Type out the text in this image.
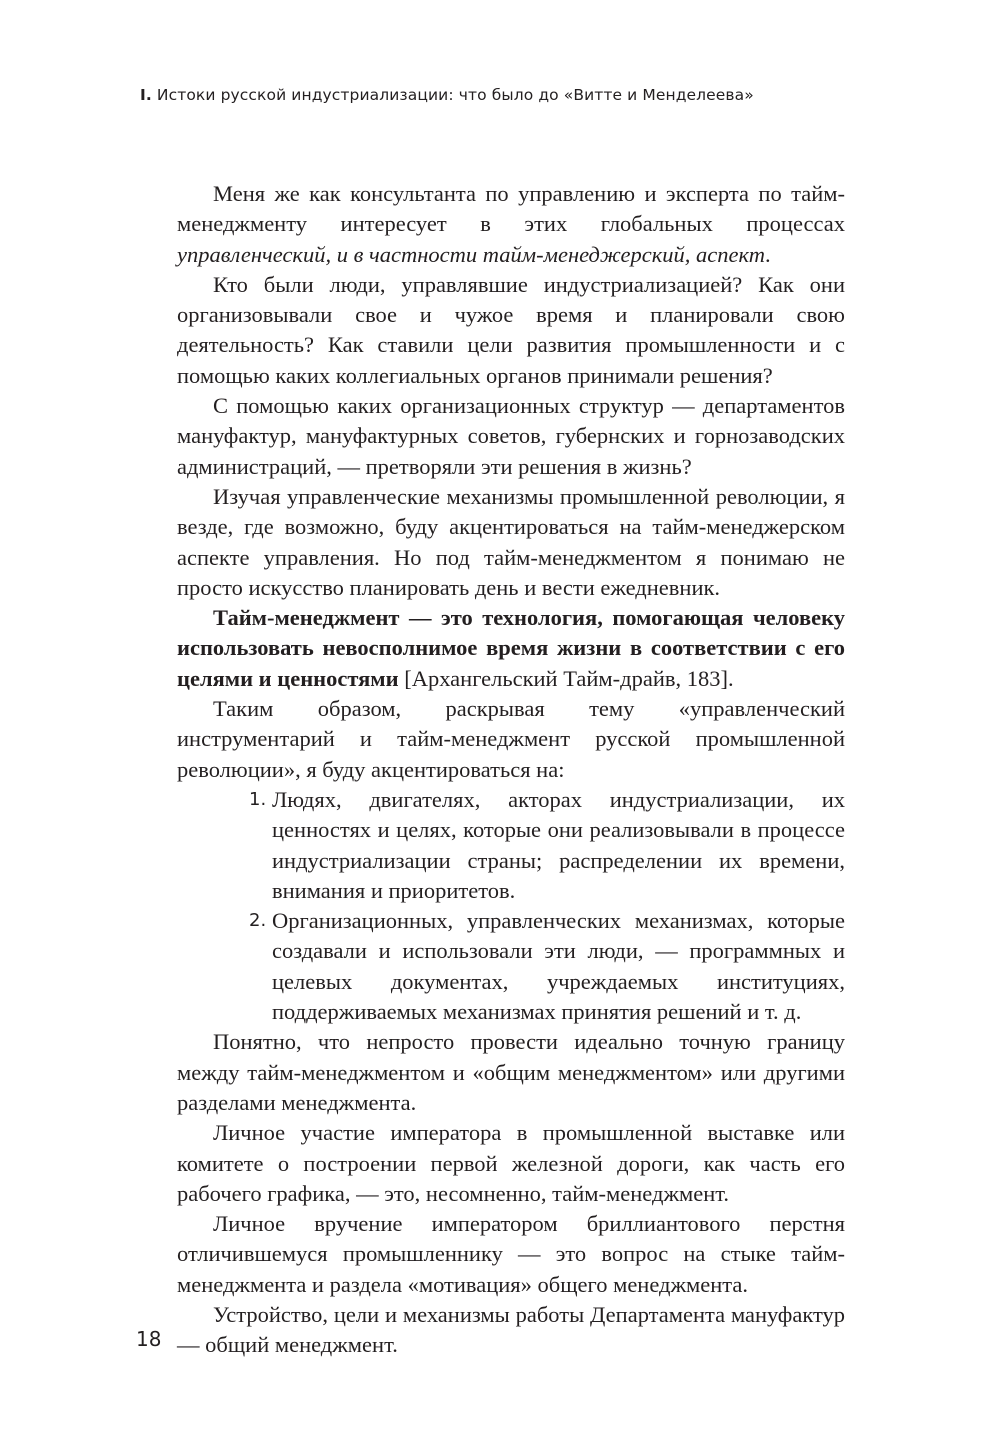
I. Истоки русской индустриализации: что было до «Витте и Менделеева»

Меня же как консультанта по управлению и эксперта по тайм-менеджменту интересует в этих глобальных процессах управленческий, и в частности тайм-менеджерский, аспект.

Кто были люди, управлявшие индустриализацией? Как они организовывали свое и чужое время и планировали свою деятельность? Как ставили цели развития промышленности и с помощью каких коллегиальных органов принимали решения?

С помощью каких организационных структур — департаментов мануфактур, мануфактурных советов, губернских и горнозаводских администраций, — претворяли эти решения в жизнь?

Изучая управленческие механизмы промышленной революции, я везде, где возможно, буду акцентироваться на тайм-менеджерском аспекте управления. Но под тайм-менеджментом я понимаю не просто искусство планировать день и вести ежедневник.

Тайм-менеджмент — это технология, помогающая человеку использовать невосполнимое время жизни в соответствии с его целями и ценностями [Архангельский Тайм-драйв, 183].

Таким образом, раскрывая тему «управленческий инструментарий и тайм-менеджмент русской промышленной революции», я буду акцентироваться на:

1. Людях, двигателях, акторах индустриализации, их ценностях и целях, которые они реализовывали в процессе индустриализации страны; распределении их времени, внимания и приоритетов.

2. Организационных, управленческих механизмах, которые создавали и использовали эти люди, — программных и целевых документах, учреждаемых институциях, поддерживаемых механизмах принятия решений и т. д.

Понятно, что непросто провести идеально точную границу между тайм-менеджментом и «общим менеджментом» или другими разделами менеджмента.

Личное участие императора в промышленной выставке или комитете о построении первой железной дороги, как часть его рабочего графика, — это, несомненно, тайм-менеджмент.

Личное вручение императором бриллиантового перстня отличившемуся промышленнику — это вопрос на стыке тайм-менеджмента и раздела «мотивация» общего менеджмента.

Устройство, цели и механизмы работы Департамента мануфактур — общий менеджмент.

18
